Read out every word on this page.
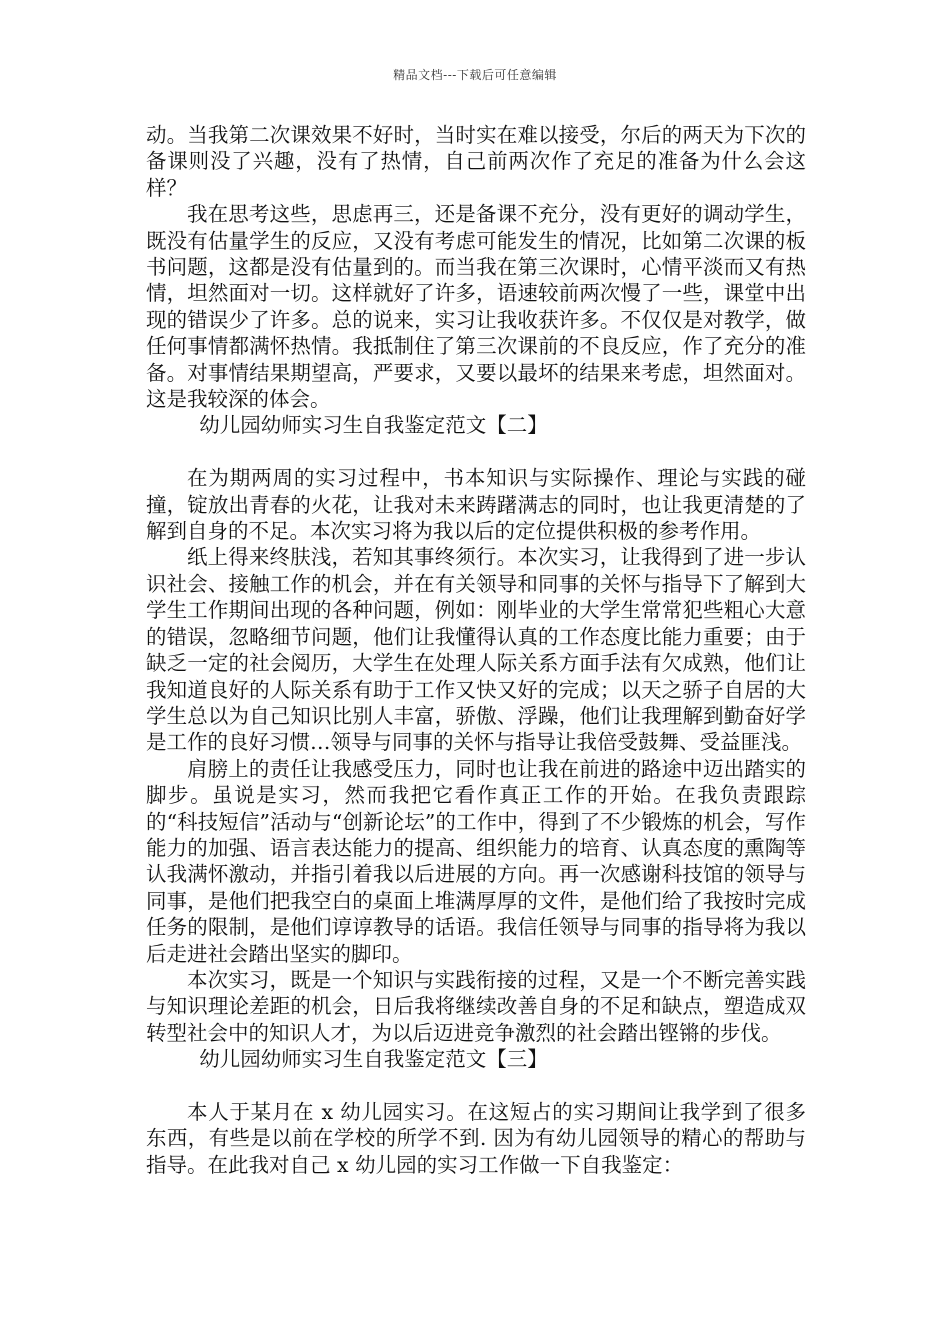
精品文档---下载后可任意编辑

动。当我第二次课效果不好时，当时实在难以接受，尔后的两天为下次的备课则没了兴趣，没有了热情，自己前两次作了充足的准备为什么会这样？

我在思考这些，思虑再三，还是备课不充分，没有更好的调动学生，既没有估量学生的反应，又没有考虑可能发生的情况，比如第二次课的板书问题，这都是没有估量到的。而当我在第三次课时，心情平淡而又有热情，坦然面对一切。这样就好了许多，语速较前两次慢了一些，课堂中出现的错误少了许多。总的说来，实习让我收获许多。不仅仅是对教学，做任何事情都满怀热情。我抵制住了第三次课前的不良反应，作了充分的准备。对事情结果期望高，严要求，又要以最坏的结果来考虑，坦然面对。这是我较深的体会。

幼儿园幼师实习生自我鉴定范文【二】

在为期两周的实习过程中，书本知识与实际操作、理论与实践的碰撞，锭放出青春的火花，让我对未来踌躇满志的同时，也让我更清楚的了解到自身的不足。本次实习将为我以后的定位提供积极的参考作用。

纸上得来终肤浅，若知其事终须行。本次实习，让我得到了进一步认识社会、接触工作的机会，并在有关领导和同事的关怀与指导下了解到大学生工作期间出现的各种问题，例如：刚毕业的大学生常常犯些粗心大意的错误，忽略细节问题，他们让我懂得认真的工作态度比能力重要；由于缺乏一定的社会阅历，大学生在处理人际关系方面手法有欠成熟，他们让我知道良好的人际关系有助于工作又快又好的完成；以天之骄子自居的大学生总以为自己知识比别人丰富，骄傲、浮躁，他们让我理解到勤奋好学是工作的良好习惯…领导与同事的关怀与指导让我倍受鼓舞、受益匪浅。

肩膀上的责任让我感受压力，同时也让我在前进的路途中迈出踏实的脚步。虽说是实习，然而我把它看作真正工作的开始。在我负责跟踪的“科技短信”活动与“创新论坛”的工作中，得到了不少锻炼的机会，写作能力的加强、语言表达能力的提高、组织能力的培育、认真态度的熏陶等认我满怀激动，并指引着我以后进展的方向。再一次感谢科技馆的领导与同事，是他们把我空白的桌面上堆满厚厚的文件，是他们给了我按时完成任务的限制，是他们谆谆教导的话语。我信任领导与同事的指导将为我以后走进社会踏出坚实的脚印。

本次实习，既是一个知识与实践衔接的过程，又是一个不断完善实践与知识理论差距的机会，日后我将继续改善自身的不足和缺点，塑造成双转型社会中的知识人才，为以后迈进竞争激烈的社会踏出铿锵的步伐。

幼儿园幼师实习生自我鉴定范文【三】

本人于某月在 x 幼儿园实习。在这短占的实习期间让我学到了很多东西，有些是以前在学校的所学不到. 因为有幼儿园领导的精心的帮助与指导。在此我对自己 x 幼儿园的实习工作做一下自我鉴定：
